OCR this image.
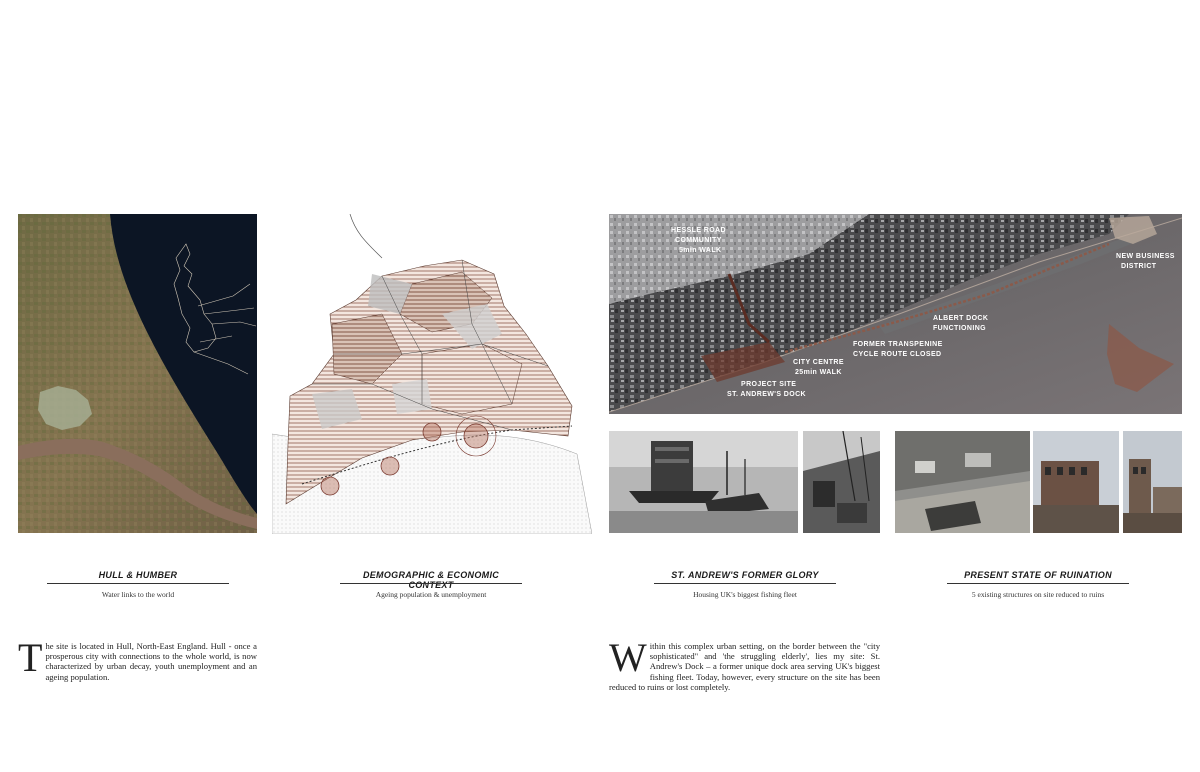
HESSLE ROAD
COMMUNITY
5min WALK
NEW BUSINESS
DISTRICT
ALBERT DOCK
FUNCTIONING
FORMER TRANSPENINE
CYCLE ROUTE CLOSED
CITY CENTRE
25min WALK
PROJECT SITE
ST. ANDREW'S DOCK
HULL & HUMBER
Water links to the world
DEMOGRAPHIC & ECONOMIC CONTEXT
Ageing population & unemployment
ST. ANDREW'S FORMER GLORY
Housing UK's biggest fishing fleet
PRESENT STATE OF RUINATION
5 existing structures on site reduced to ruins
The site is located in Hull, North-East England. Hull - once a prosperous city with connections to the whole world, is now characterized by urban decay, youth unemployment and an ageing population.	Within this complex urban setting, on the border between the "city sophisticated" and 'the struggling elderly', lies my site: St. Andrew's Dock – a former unique dock area serving UK's biggest fishing fleet. Today, however, every structure on the site has been reduced to ruins or lost completely.
